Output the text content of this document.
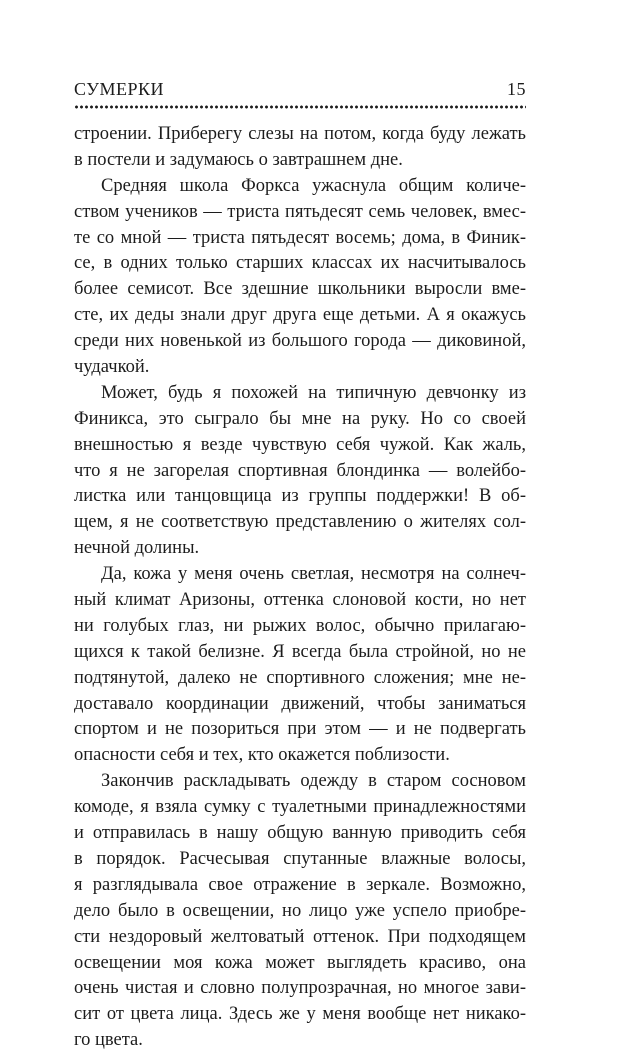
СУМЕРКИ	15
строении. Приберегу слезы на потом, когда буду лежать
в постели и задумаюсь о завтрашнем дне.
Средняя школа Форкса ужаснула общим количе-
ством учеников — триста пятьдесят семь человек, вмес-
те со мной — триста пятьдесят восемь; дома, в Финик-
се, в одних только старших классах их насчитывалось
более семисот. Все здешние школьники выросли вме-
сте, их деды знали друг друга еще детьми. А я окажусь
среди них новенькой из большого города — диковиной,
чудачкой.
Может, будь я похожей на типичную девчонку из
Финикса, это сыграло бы мне на руку. Но со своей
внешностью я везде чувствую себя чужой. Как жаль,
что я не загорелая спортивная блондинка — волейбо-
листка или танцовщица из группы поддержки! В об-
щем, я не соответствую представлению о жителях сол-
нечной долины.
Да, кожа у меня очень светлая, несмотря на солнеч-
ный климат Аризоны, оттенка слоновой кости, но нет
ни голубых глаз, ни рыжих волос, обычно прилагаю-
щихся к такой белизне. Я всегда была стройной, но не
подтянутой, далеко не спортивного сложения; мне не-
доставало координации движений, чтобы заниматься
спортом и не позориться при этом — и не подвергать
опасности себя и тех, кто окажется поблизости.
Закончив раскладывать одежду в старом сосновом
комоде, я взяла сумку с туалетными принадлежностями
и отправилась в нашу общую ванную приводить себя
в порядок. Расчесывая спутанные влажные волосы,
я разглядывала свое отражение в зеркале. Возможно,
дело было в освещении, но лицо уже успело приобре-
сти нездоровый желтоватый оттенок. При подходящем
освещении моя кожа может выглядеть красиво, она
очень чистая и словно полупрозрачная, но многое зави-
сит от цвета лица. Здесь же у меня вообще нет никако-
го цвета.
